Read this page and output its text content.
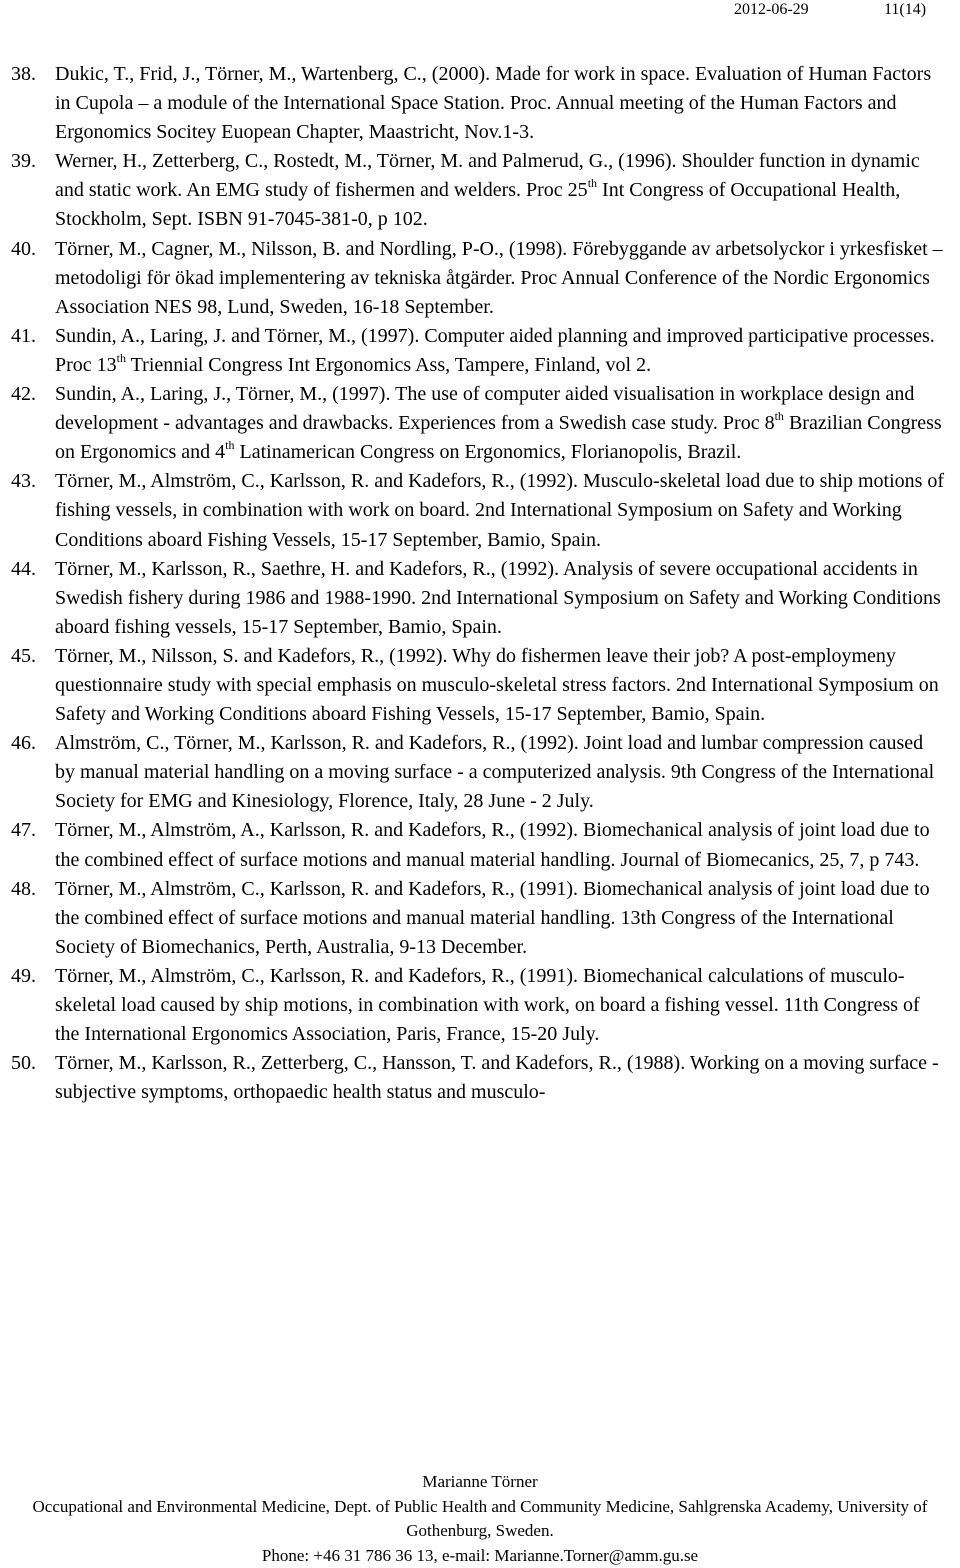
2012-06-29	11(14)
38. Dukic, T., Frid, J., Törner, M., Wartenberg, C., (2000). Made for work in space. Evaluation of Human Factors in Cupola – a module of the International Space Station. Proc. Annual meeting of the Human Factors and Ergonomics Socitey Euopean Chapter, Maastricht, Nov.1-3.
39. Werner, H., Zetterberg, C., Rostedt, M., Törner, M. and Palmerud, G., (1996). Shoulder function in dynamic and static work. An EMG study of fishermen and welders. Proc 25th Int Congress of Occupational Health, Stockholm, Sept. ISBN 91-7045-381-0, p 102.
40. Törner, M., Cagner, M., Nilsson, B. and Nordling, P-O., (1998). Förebyggande av arbetsolyckor i yrkesfisket – metodoligi för ökad implementering av tekniska åtgärder. Proc Annual Conference of the Nordic Ergonomics Association NES 98, Lund, Sweden, 16-18 September.
41. Sundin, A., Laring, J. and Törner, M., (1997). Computer aided planning and improved participative processes. Proc 13th Triennial Congress Int Ergonomics Ass, Tampere, Finland, vol 2.
42. Sundin, A., Laring, J., Törner, M., (1997). The use of computer aided visualisation in workplace design and development - advantages and drawbacks. Experiences from a Swedish case study. Proc 8th Brazilian Congress on Ergonomics and 4th Latinamerican Congress on Ergonomics, Florianopolis, Brazil.
43. Törner, M., Almström, C., Karlsson, R. and Kadefors, R., (1992). Musculo-skeletal load due to ship motions of fishing vessels, in combination with work on board. 2nd International Symposium on Safety and Working Conditions aboard Fishing Vessels, 15-17 September, Bamio, Spain.
44. Törner, M., Karlsson, R., Saethre, H. and Kadefors, R., (1992). Analysis of severe occupational accidents in Swedish fishery during 1986 and 1988-1990. 2nd International Symposium on Safety and Working Conditions aboard fishing vessels, 15-17 September, Bamio, Spain.
45. Törner, M., Nilsson, S. and Kadefors, R., (1992). Why do fishermen leave their job? A post-employmeny questionnaire study with special emphasis on musculo-skeletal stress factors. 2nd International Symposium on Safety and Working Conditions aboard Fishing Vessels, 15-17 September, Bamio, Spain.
46. Almström, C., Törner, M., Karlsson, R. and Kadefors, R., (1992). Joint load and lumbar compression caused by manual material handling on a moving surface - a computerized analysis. 9th Congress of the International Society for EMG and Kinesiology, Florence, Italy, 28 June - 2 July.
47. Törner, M., Almström, A., Karlsson, R. and Kadefors, R., (1992). Biomechanical analysis of joint load due to the combined effect of surface motions and manual material handling. Journal of Biomecanics, 25, 7, p 743.
48. Törner, M., Almström, C., Karlsson, R. and Kadefors, R., (1991). Biomechanical analysis of joint load due to the combined effect of surface motions and manual material handling. 13th Congress of the International Society of Biomechanics, Perth, Australia, 9-13 December.
49. Törner, M., Almström, C., Karlsson, R. and Kadefors, R., (1991). Biomechanical calculations of musculo-skeletal load caused by ship motions, in combination with work, on board a fishing vessel. 11th Congress of the International Ergonomics Association, Paris, France, 15-20 July.
50. Törner, M., Karlsson, R., Zetterberg, C., Hansson, T. and Kadefors, R., (1988). Working on a moving surface - subjective symptoms, orthopaedic health status and musculo-
Marianne Törner
Occupational and Environmental Medicine, Dept. of Public Health and Community Medicine, Sahlgrenska Academy, University of Gothenburg, Sweden.
Phone: +46 31 786 36 13, e-mail: Marianne.Torner@amm.gu.se
